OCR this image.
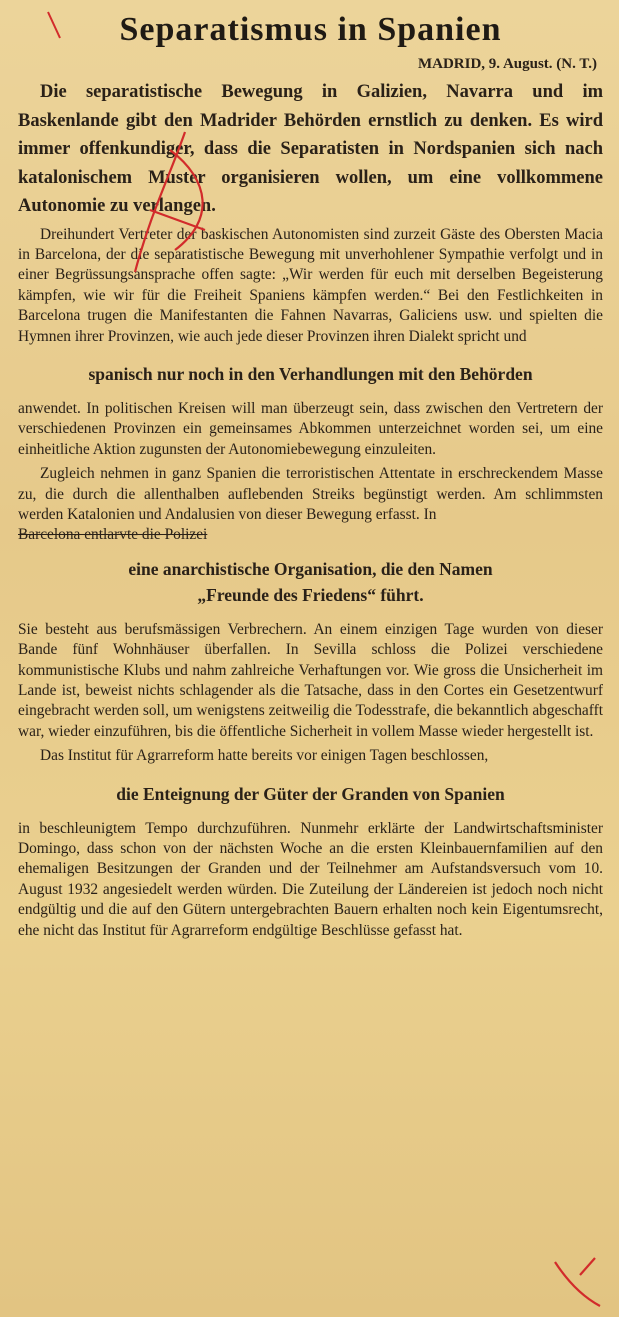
Separatismus in Spanien
MADRID, 9. August. (N. T.)

Die separatistische Bewegung in Galizien, Navarra und im Baskenlande gibt den Madrider Behörden ernstlich zu denken. Es wird immer offenkundiger, dass die Separatisten in Nordspanien sich nach katalonischem Muster organisieren wollen, um eine vollkommene Autonomie zu verlangen.

Dreihundert Vertreter der baskischen Autonomisten sind zurzeit Gäste des Obersten Macia in Barcelona, der die separatistische Bewegung mit unverhohlener Sympathie verfolgt und in einer Begrüssungsansprache offen sagte: „Wir werden für euch mit derselben Begeisterung kämpfen, wie wir für die Freiheit Spaniens kämpfen werden.“ Bei den Festlichkeiten in Barcelona trugen die Manifestanten die Fahnen Navarras, Galiciens usw. und spielten die Hymnen ihrer Provinzen, wie auch jede dieser Provinzen ihren Dialekt spricht und

spanisch nur noch in den Verhandlungen mit den Behörden

anwendet. In politischen Kreisen will man überzeugt sein, dass zwischen den Vertretern der verschiedenen Provinzen ein gemeinsames Abkommen unterzeichnet worden sei, um eine einheitliche Aktion zugunsten der Autonomiebewegung einzuleiten.

Zugleich nehmen in ganz Spanien die terroristischen Attentate in erschreckendem Masse zu, die durch die allenthalben auflebenden Streiks begünstigt werden. Am schlimmsten werden Katalonien und Andalusien von dieser Bewegung erfasst. In
Barcelona entlarvte die Polizei

eine anarchistische Organisation, die den Namen
„Freunde des Friedens“ führt.

Sie besteht aus berufsmässigen Verbrechern. An einem einzigen Tage wurden von dieser Bande fünf Wohnhäuser überfallen. In Sevilla schloss die Polizei verschiedene kommunistische Klubs und nahm zahlreiche Verhaftungen vor. Wie gross die Unsicherheit im Lande ist, beweist nichts schlagender als die Tatsache, dass in den Cortes ein Gesetzentwurf eingebracht werden soll, um wenigstens zeitweilig die Todesstrafe, die bekanntlich abgeschafft war, wieder einzuführen, bis die öffentliche Sicherheit in vollem Masse wieder hergestellt ist.

Das Institut für Agrarreform hatte bereits vor einigen Tagen beschlossen,

die Enteignung der Güter der Granden von Spanien

in beschleunigtem Tempo durchzuführen. Nunmehr erklärte der Landwirtschaftsminister Domingo, dass schon von der nächsten Woche an die ersten Kleinbauernfamilien auf den ehemaligen Besitzungen der Granden und der Teilnehmer am Aufstandsversuch vom 10. August 1932 angesiedelt werden würden. Die Zuteilung der Ländereien ist jedoch noch nicht endgültig und die auf den Gütern untergebrachten Bauern erhalten noch kein Eigentumsrecht, ehe nicht das Institut für Agrarreform endgültige Beschlüsse gefasst hat.
